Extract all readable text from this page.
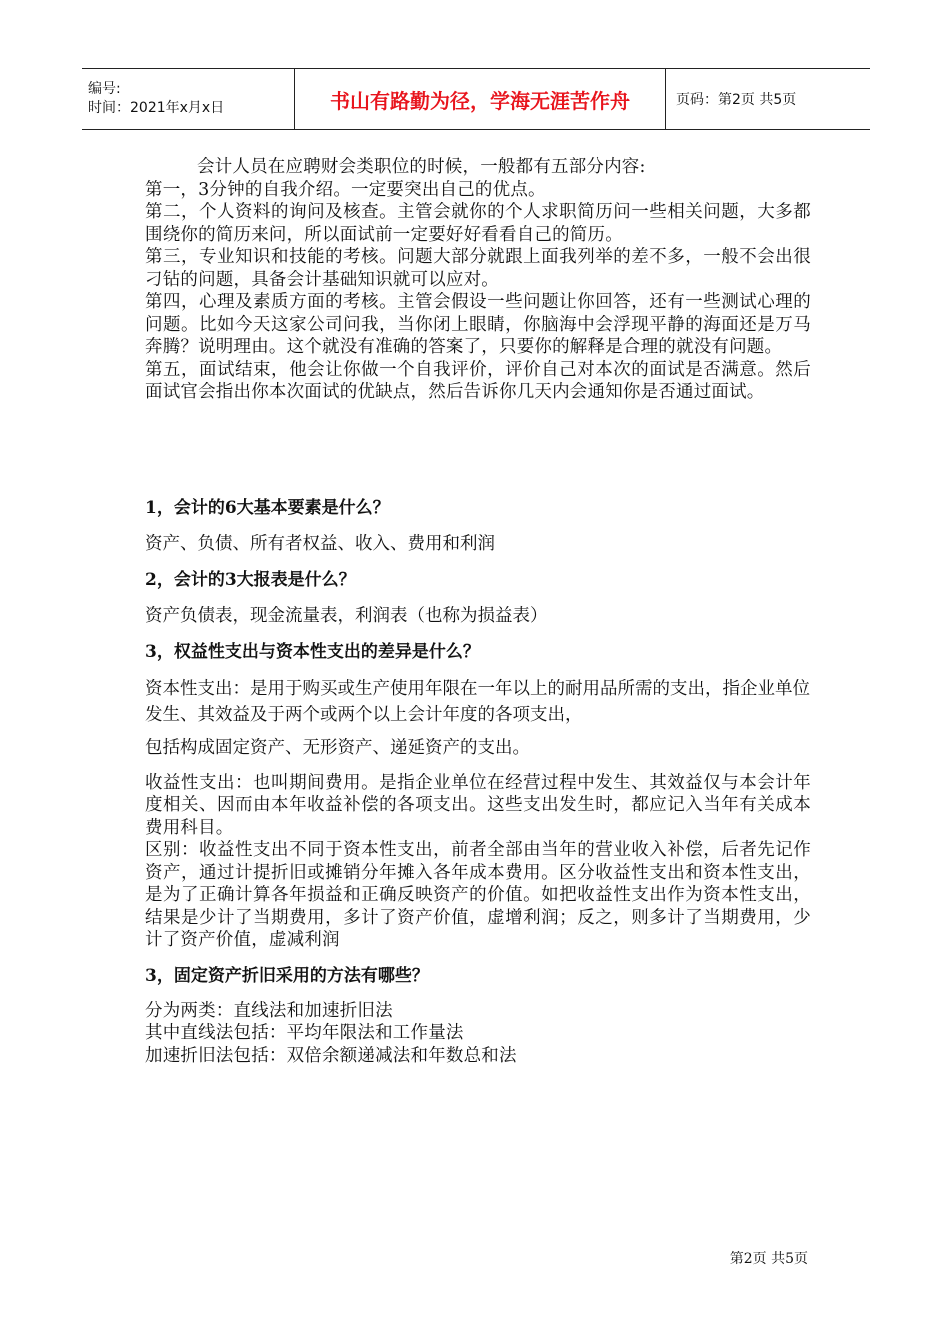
编号:
时间：2021年x月x日	书山有路勤为径，学海无涯苦作舟	页码：第2页 共5页

会计人员在应聘财会类职位的时候，一般都有五部分内容:

第一，3分钟的自我介绍。一定要突出自己的优点。

第二，个人资料的询问及核查。主管会就你的个人求职简历问一些相关问题，大多都围绕你的简历来问，所以面试前一定要好好看看自己的简历。

第三，专业知识和技能的考核。问题大部分就跟上面我列举的差不多，一般不会出很刁钻的问题，具备会计基础知识就可以应对。

第四，心理及素质方面的考核。主管会假设一些问题让你回答，还有一些测试心理的问题。比如今天这家公司问我，当你闭上眼睛，你脑海中会浮现平静的海面还是万马奔腾？说明理由。这个就没有准确的答案了，只要你的解释是合理的就没有问题。

第五，面试结束，他会让你做一个自我评价，评价自己对本次的面试是否满意。然后面试官会指出你本次面试的优缺点，然后告诉你几天内会通知你是否通过面试。

1，会计的6大基本要素是什么？

资产、负债、所有者权益、收入、费用和利润

2，会计的3大报表是什么？

资产负债表，现金流量表，利润表（也称为损益表）

3，权益性支出与资本性支出的差异是什么？

资本性支出：是用于购买或生产使用年限在一年以上的耐用品所需的支出，指企业单位发生、其效益及于两个或两个以上会计年度的各项支出，

包括构成固定资产、无形资产、递延资产的支出。

收益性支出：也叫期间费用。是指企业单位在经营过程中发生、其效益仅与本会计年度相关、因而由本年收益补偿的各项支出。这些支出发生时，都应记入当年有关成本费用科目。

区别：收益性支出不同于资本性支出，前者全部由当年的营业收入补偿，后者先记作资产，通过计提折旧或摊销分年摊入各年成本费用。区分收益性支出和资本性支出，是为了正确计算各年损益和正确反映资产的价值。如把收益性支出作为资本性支出，结果是少计了当期费用，多计了资产价值，虚增利润；反之，则多计了当期费用，少计了资产价值，虚减利润

3，固定资产折旧采用的方法有哪些？

分为两类：直线法和加速折旧法

其中直线法包括：平均年限法和工作量法

加速折旧法包括：双倍余额递减法和年数总和法

第2页 共5页
